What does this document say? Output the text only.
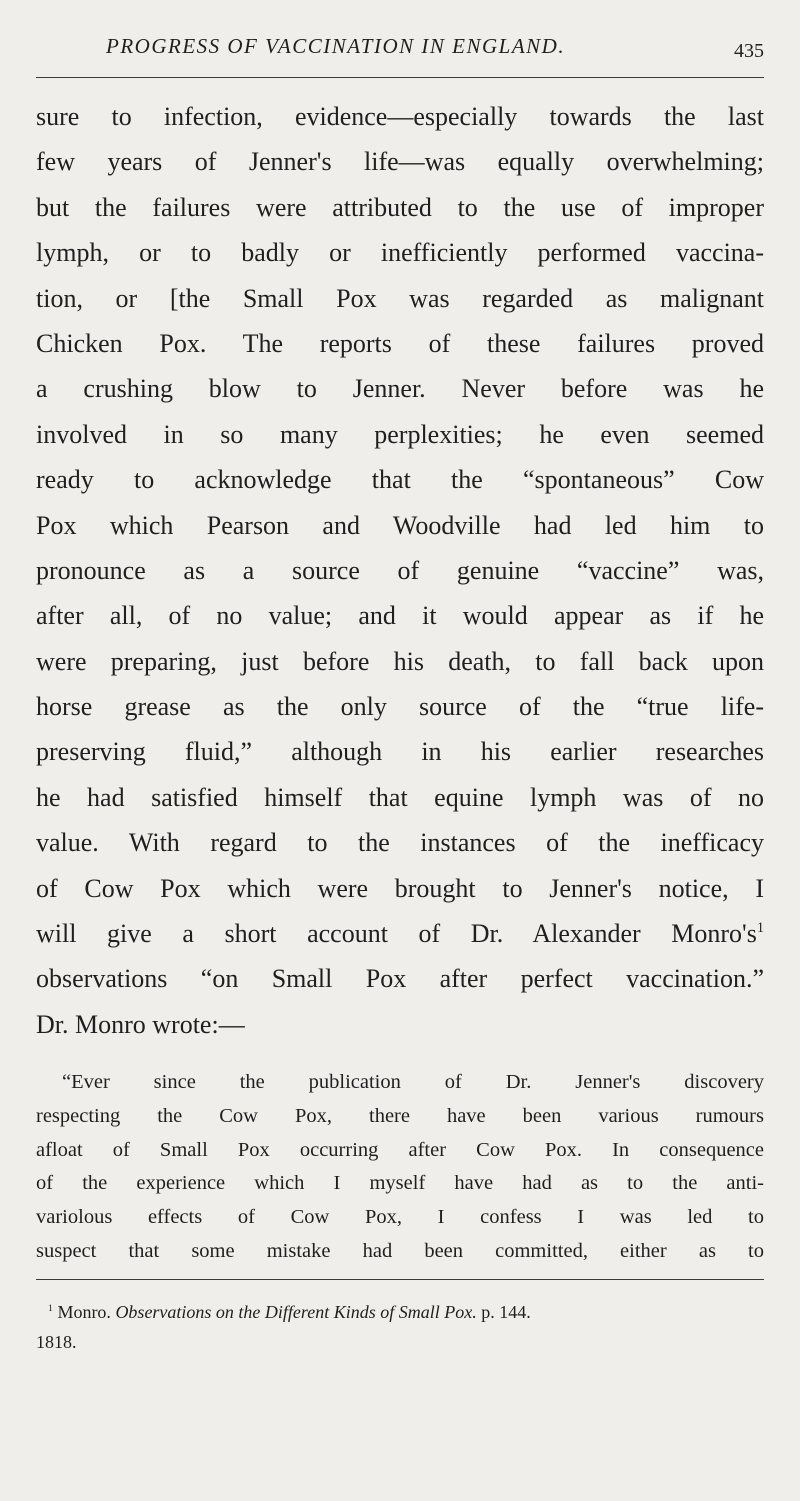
PROGRESS OF VACCINATION IN ENGLAND.	435
sure to infection, evidence—especially towards the last
few years of Jenner's life—was equally overwhelming;
but the failures were attributed to the use of improper
lymph, or to badly or inefficiently performed vaccina-
tion, or [the Small Pox was regarded as malignant
Chicken Pox. The reports of these failures proved
a crushing blow to Jenner. Never before was he
involved in so many perplexities; he even seemed
ready to acknowledge that the “spontaneous” Cow
Pox which Pearson and Woodville had led him to
pronounce as a source of genuine “vaccine” was,
after all, of no value; and it would appear as if he
were preparing, just before his death, to fall back upon
horse grease as the only source of the “true life-
preserving fluid,” although in his earlier researches
he had satisfied himself that equine lymph was of no
value. With regard to the instances of the inefficacy
of Cow Pox which were brought to Jenner's notice, I
will give a short account of Dr. Alexander $Monro's^1$
observations “on Small Pox after perfect vaccination.”
Dr. Monro wrote:—
“Ever since the publication of Dr. Jenner's discovery
respecting the Cow Pox, there have been various rumours
afloat of Small Pox occurring after Cow Pox. In consequence
of the experience which I myself have had as to the anti-
variolous effects of Cow Pox, I confess I was led to
suspect that some mistake had been committed, either as to
$^1$ Monro. Observations on the Different Kinds of Small Pox. p. 144.
1818.
